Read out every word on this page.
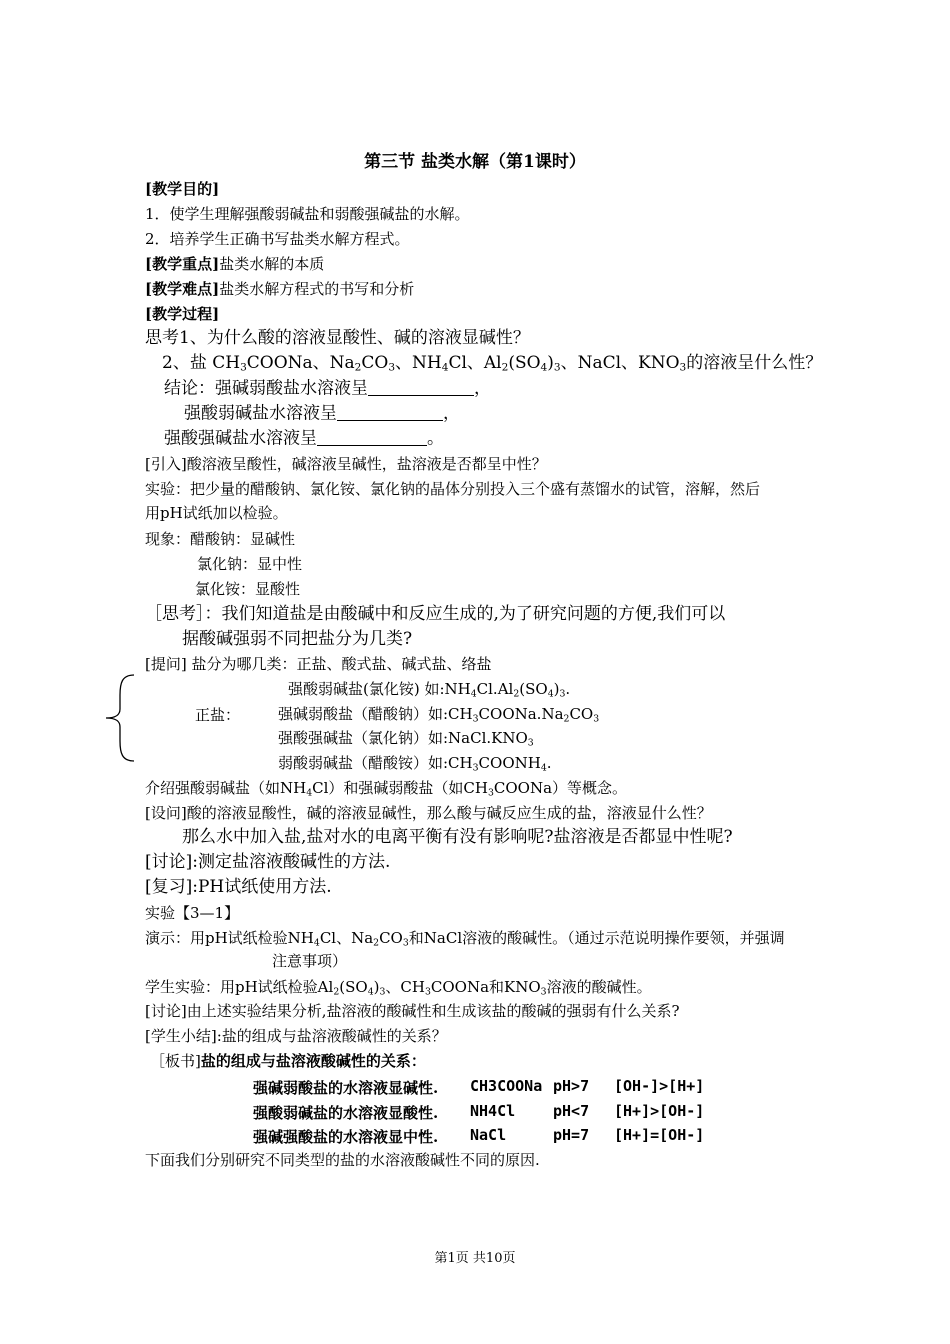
第三节 盐类水解（第1课时）
[教学目的]
1．使学生理解强酸弱碱盐和弱酸强碱盐的水解。
2．培养学生正确书写盐类水解方程式。
[教学重点]盐类水解的本质
[教学难点]盐类水解方程式的书写和分析
[教学过程]
思考1、为什么酸的溶液显酸性、碱的溶液显碱性？
2、盐 $CH_3COONa$、$Na_2CO_3$、$NH_4Cl$、$Al_2(SO_4)_3$、NaCl、$KNO_3$的溶液呈什么性？
结论：强碱弱酸盐水溶液呈	，
强酸弱碱盐水溶液呈	，
强酸强碱盐水溶液呈	。
[引入]酸溶液呈酸性，碱溶液呈碱性，盐溶液是否都呈中性？
实验：把少量的醋酸钠、氯化铵、氯化钠的晶体分别投入三个盛有蒸馏水的试管，溶解，然后
用pH试纸加以检验。
现象：醋酸钠：显碱性
氯化钠：显中性
氯化铵：显酸性
［思考］：我们知道盐是由酸碱中和反应生成的,为了研究问题的方便,我们可以
据酸碱强弱不同把盐分为几类?
[提问] 盐分为哪几类：正盐、酸式盐、碱式盐、络盐
正盐：
强酸弱碱盐(氯化铵) 如$:NH_4Cl.Al_2(SO_4)_3$.
强碱弱酸盐（醋酸钠）如$:CH_3COONa.Na_2CO_3$
强酸强碱盐（氯化钠）如$:NaCl.KNO_3$
弱酸弱碱盐（醋酸铵）如$:CH_3COONH_4$.
介绍强酸弱碱盐（如$NH_4Cl$）和强碱弱酸盐（如$CH_3COONa$）等概念。
[设问]酸的溶液显酸性，碱的溶液显碱性，那么酸与碱反应生成的盐，溶液显什么性？
那么水中加入盐,盐对水的电离平衡有没有影响呢?盐溶液是否都显中性呢?
[讨论]:测定盐溶液酸碱性的方法.
[复习]:PH试纸使用方法.
实验【3—1】
演示：用pH试纸检验$NH_4Cl$、$Na_2CO_3$和NaCl溶液的酸碱性。（通过示范说明操作要领，并强调
注意事项）
学生实验：用pH试纸检验$Al_2(SO_4)_3$、$CH_3COONa$和$KNO_3$溶液的酸碱性。
[讨论]由上述实验结果分析,盐溶液的酸碱性和生成该盐的酸碱的强弱有什么关系?
[学生小结]:盐的组成与盐溶液酸碱性的关系？
［板书]盐的组成与盐溶液酸碱性的关系：
强碱弱酸盐的水溶液显碱性. CH3COONa pH>7 [OH-]>[H+]
强酸弱碱盐的水溶液显酸性. NH4Cl	pH<7 [H+]>[OH-]
强碱强酸盐的水溶液显中性. NaCl	pH=7 [H+]=[OH-]
下面我们分别研究不同类型的盐的水溶液酸碱性不同的原因.
第1页 共10页
